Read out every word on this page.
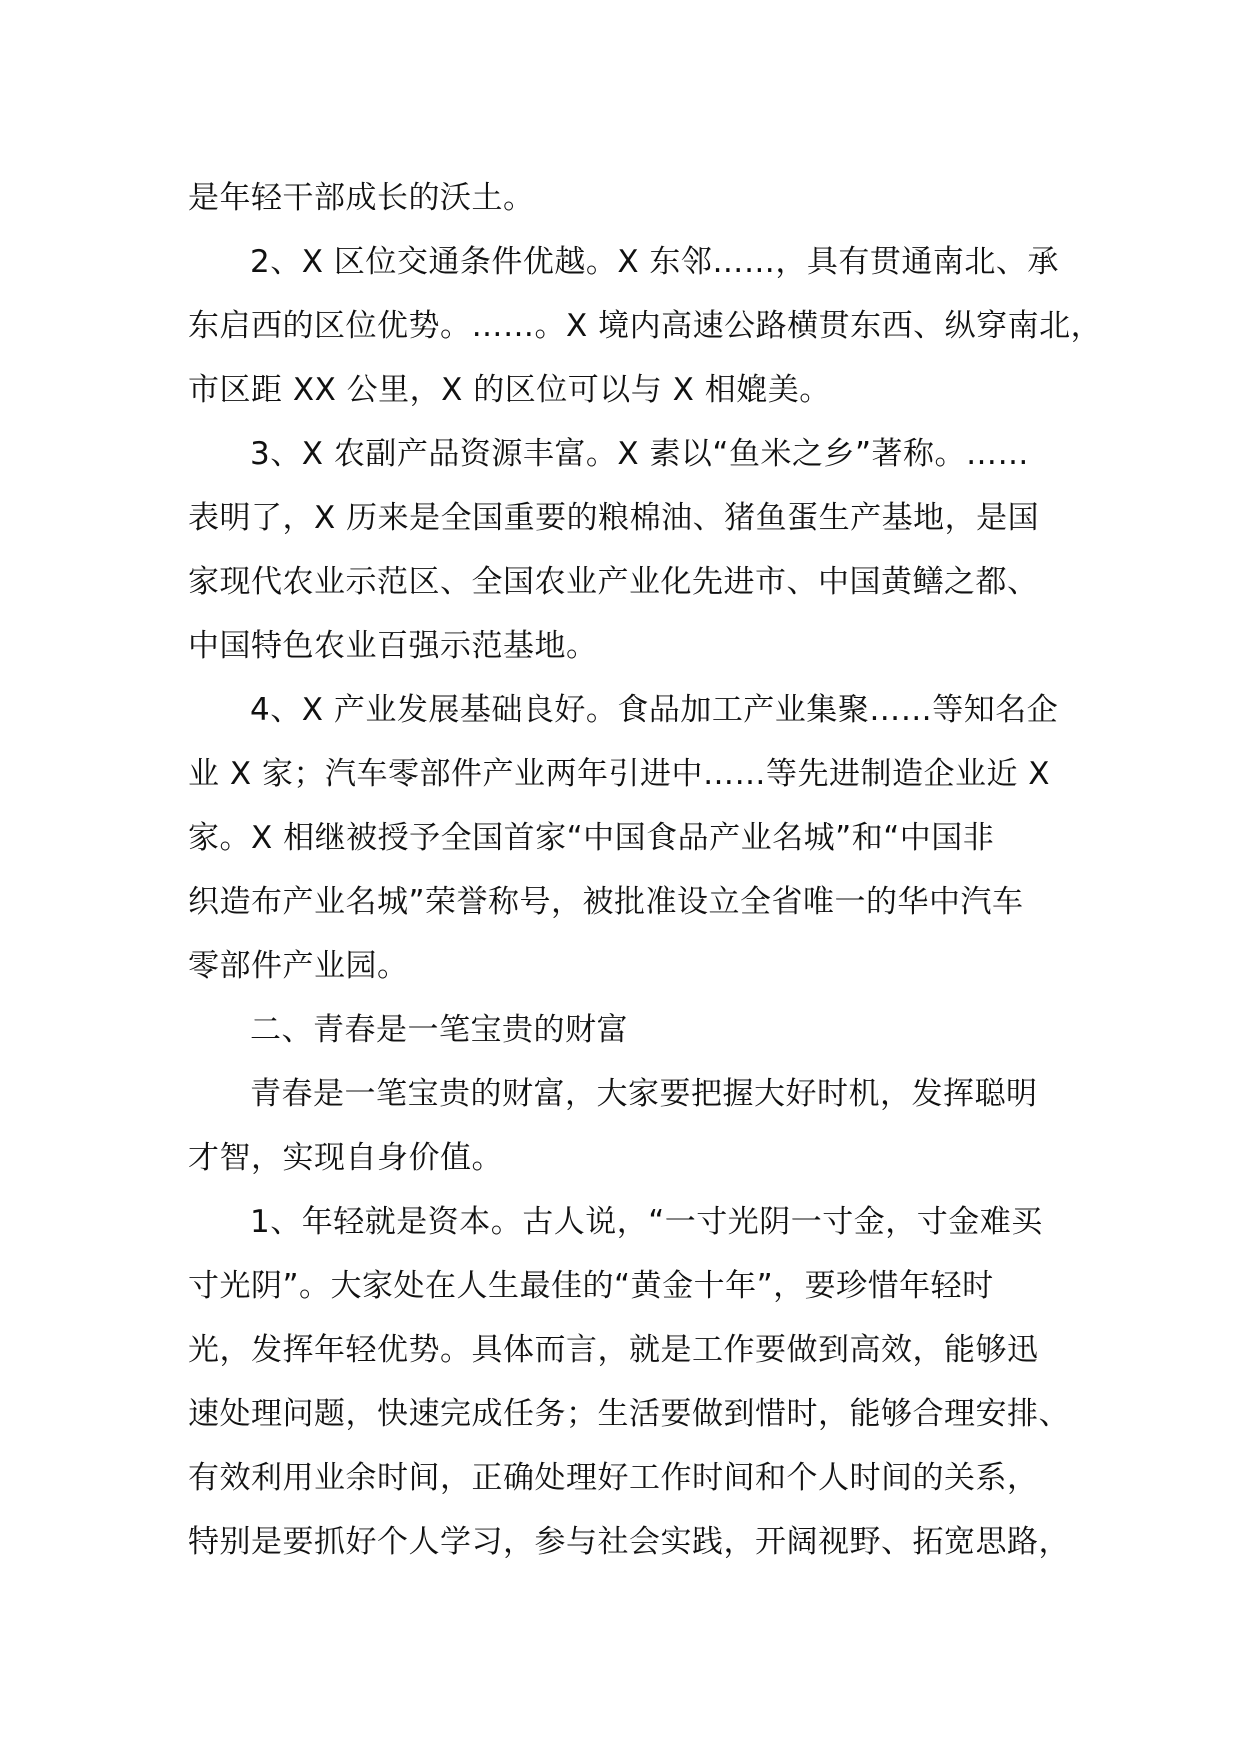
是年轻干部成长的沃土。
2、X 区位交通条件优越。X 东邻……，具有贯通南北、承
东启西的区位优势。……。X 境内高速公路横贯东西、纵穿南北，
市区距 XX 公里，X 的区位可以与 X 相媲美。
3、X 农副产品资源丰富。X 素以“鱼米之乡”著称。……
表明了，X 历来是全国重要的粮棉油、猪鱼蛋生产基地，是国
家现代农业示范区、全国农业产业化先进市、中国黄鳝之都、
中国特色农业百强示范基地。
4、X 产业发展基础良好。食品加工产业集聚……等知名企
业 X 家；汽车零部件产业两年引进中……等先进制造企业近 X
家。X 相继被授予全国首家“中国食品产业名城”和“中国非
织造布产业名城”荣誉称号，被批准设立全省唯一的华中汽车
零部件产业园。
二、青春是一笔宝贵的财富
青春是一笔宝贵的财富，大家要把握大好时机，发挥聪明
才智，实现自身价值。
1、年轻就是资本。古人说，“一寸光阴一寸金，寸金难买
寸光阴”。大家处在人生最佳的“黄金十年”，要珍惜年轻时
光，发挥年轻优势。具体而言，就是工作要做到高效，能够迅
速处理问题，快速完成任务；生活要做到惜时，能够合理安排、
有效利用业余时间，正确处理好工作时间和个人时间的关系，
特别是要抓好个人学习，参与社会实践，开阔视野、拓宽思路，
